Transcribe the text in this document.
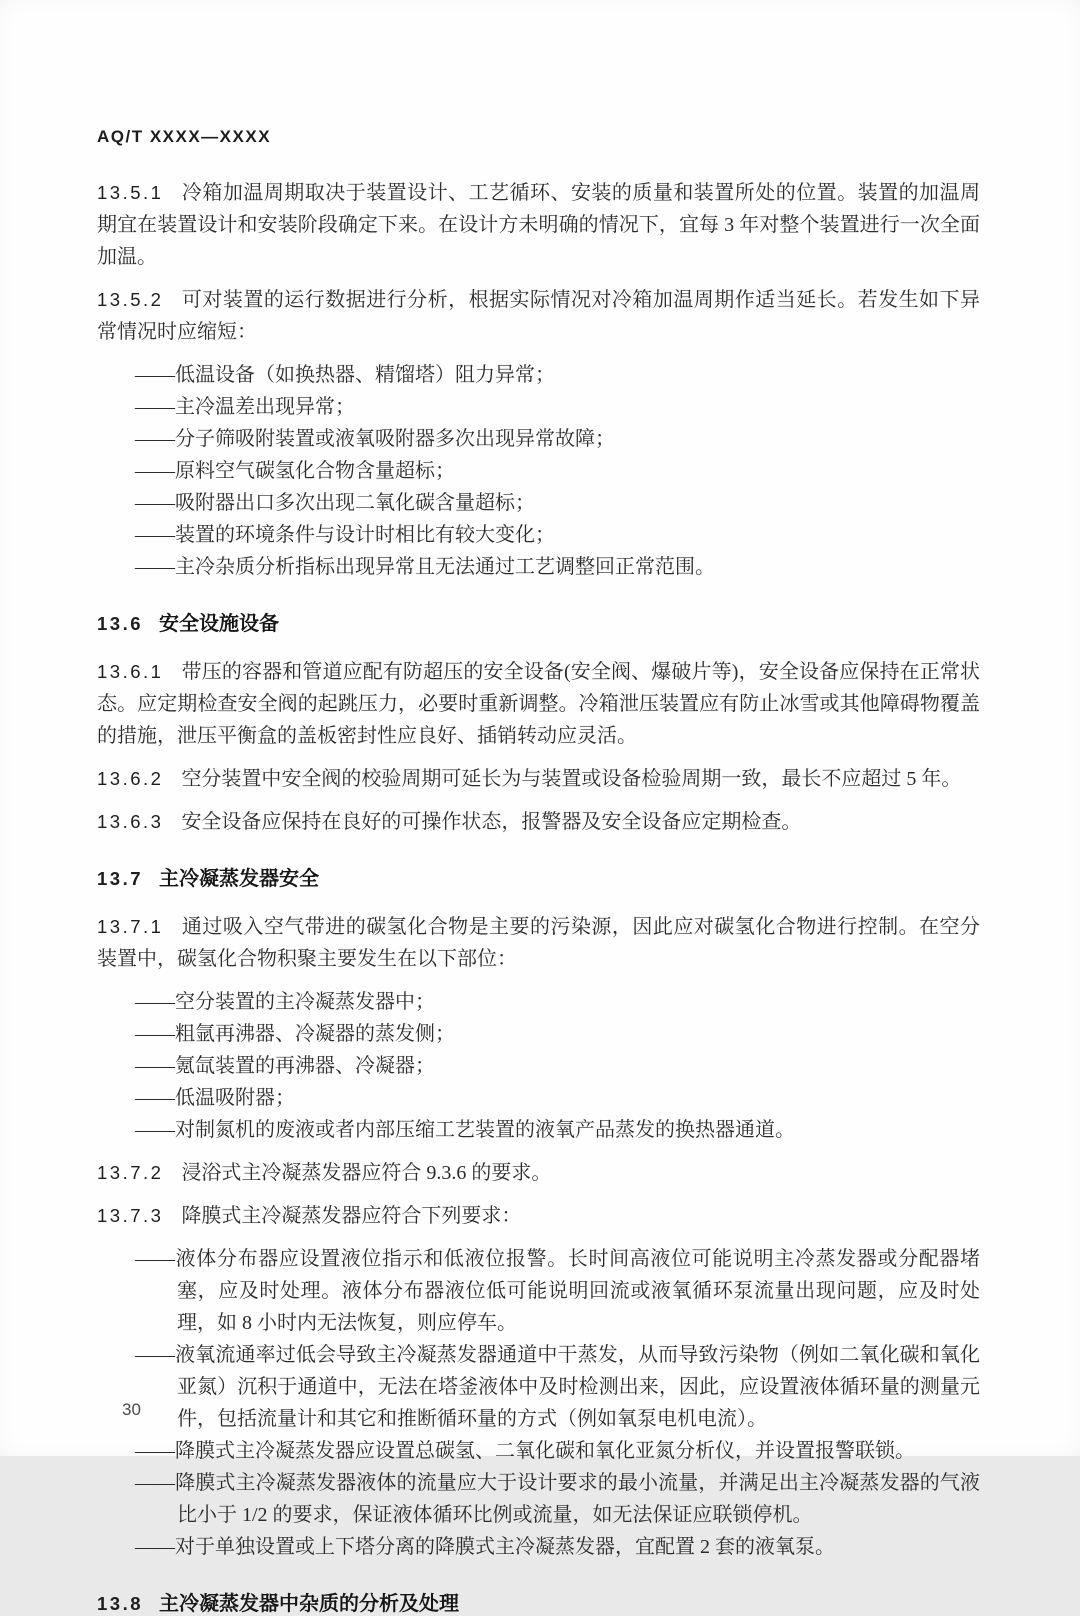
AQ/T XXXX—XXXX

13.5.1 冷箱加温周期取决于装置设计、工艺循环、安装的质量和装置所处的位置。装置的加温周期宜在装置设计和安装阶段确定下来。在设计方未明确的情况下，宜每 3 年对整个装置进行一次全面加温。

13.5.2 可对装置的运行数据进行分析，根据实际情况对冷箱加温周期作适当延长。若发生如下异常情况时应缩短：

——低温设备（如换热器、精馏塔）阻力异常；

——主冷温差出现异常；

——分子筛吸附装置或液氧吸附器多次出现异常故障；

——原料空气碳氢化合物含量超标；

——吸附器出口多次出现二氧化碳含量超标；

——装置的环境条件与设计时相比有较大变化；

——主冷杂质分析指标出现异常且无法通过工艺调整回正常范围。

13.6 安全设施设备

13.6.1 带压的容器和管道应配有防超压的安全设备(安全阀、爆破片等)，安全设备应保持在正常状态。应定期检查安全阀的起跳压力，必要时重新调整。冷箱泄压装置应有防止冰雪或其他障碍物覆盖的措施，泄压平衡盒的盖板密封性应良好、插销转动应灵活。

13.6.2 空分装置中安全阀的校验周期可延长为与装置或设备检验周期一致，最长不应超过 5 年。

13.6.3 安全设备应保持在良好的可操作状态，报警器及安全设备应定期检查。

13.7 主冷凝蒸发器安全

13.7.1 通过吸入空气带进的碳氢化合物是主要的污染源，因此应对碳氢化合物进行控制。在空分装置中，碳氢化合物积聚主要发生在以下部位：

——空分装置的主冷凝蒸发器中；

——粗氩再沸器、冷凝器的蒸发侧；

——氪氙装置的再沸器、冷凝器；

——低温吸附器；

——对制氮机的废液或者内部压缩工艺装置的液氧产品蒸发的换热器通道。

13.7.2 浸浴式主冷凝蒸发器应符合 9.3.6 的要求。

13.7.3 降膜式主冷凝蒸发器应符合下列要求：

——液体分布器应设置液位指示和低液位报警。长时间高液位可能说明主冷蒸发器或分配器堵塞，应及时处理。液体分布器液位低可能说明回流或液氧循环泵流量出现问题，应及时处理，如 8 小时内无法恢复，则应停车。

——液氧流通率过低会导致主冷凝蒸发器通道中干蒸发，从而导致污染物（例如二氧化碳和氧化亚氮）沉积于通道中，无法在塔釜液体中及时检测出来，因此，应设置液体循环量的测量元件，包括流量计和其它和推断循环量的方式（例如氧泵电机电流）。

——降膜式主冷凝蒸发器应设置总碳氢、二氧化碳和氧化亚氮分析仪，并设置报警联锁。

——降膜式主冷凝蒸发器液体的流量应大于设计要求的最小流量，并满足出主冷凝蒸发器的气液比小于 1/2 的要求，保证液体循环比例或流量，如无法保证应联锁停机。

——对于单独设置或上下塔分离的降膜式主冷凝蒸发器，宜配置 2 套的液氧泵。

13.8 主冷凝蒸发器中杂质的分析及处理

30
